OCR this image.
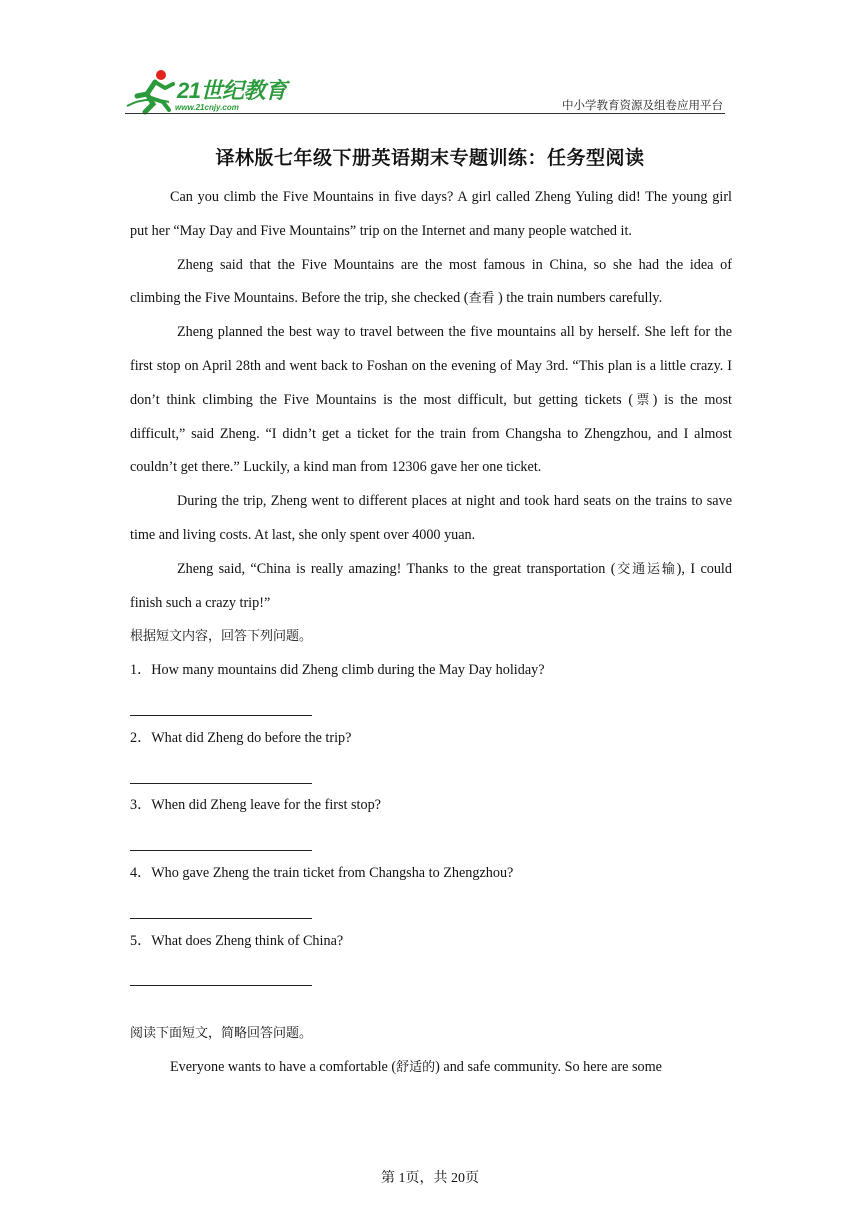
21世纪教育
www.21cnjy.com	中小学教育资源及组卷应用平台
译林版七年级下册英语期末专题训练：任务型阅读

Can you climb the Five Mountains in five days? A girl called Zheng Yuling did! The young girl put her “May Day and Five Mountains” trip on the Internet and many people watched it.

Zheng said that the Five Mountains are the most famous in China, so she had the idea of climbing the Five Mountains. Before the trip, she checked (查看 ) the train numbers carefully.

Zheng planned the best way to travel between the five mountains all by herself. She left for the first stop on April 28th and went back to Foshan on the evening of May 3rd. “This plan is a little crazy. I don’t think climbing the Five Mountains is the most difficult, but getting tickets (票) is the most difficult,” said Zheng. “I didn’t get a ticket for the train from Changsha to Zhengzhou, and I almost couldn’t get there.” Luckily, a kind man from 12306 gave her one ticket.

During the trip, Zheng went to different places at night and took hard seats on the trains to save time and living costs. At last, she only spent over 4000 yuan.

Zheng said, “China is really amazing! Thanks to the great transportation (交通运输), I could finish such a crazy trip!”

根据短文内容，回答下列问题。

1．How many mountains did Zheng climb during the May Day holiday?

2．What did Zheng do before the trip?

3．When did Zheng leave for the first stop?

4．Who gave Zheng the train ticket from Changsha to Zhengzhou?

5．What does Zheng think of China?

阅读下面短文，简略回答问题。

Everyone wants to have a comfortable (舒适的) and safe community. So here are some

第 1页，共 20页
